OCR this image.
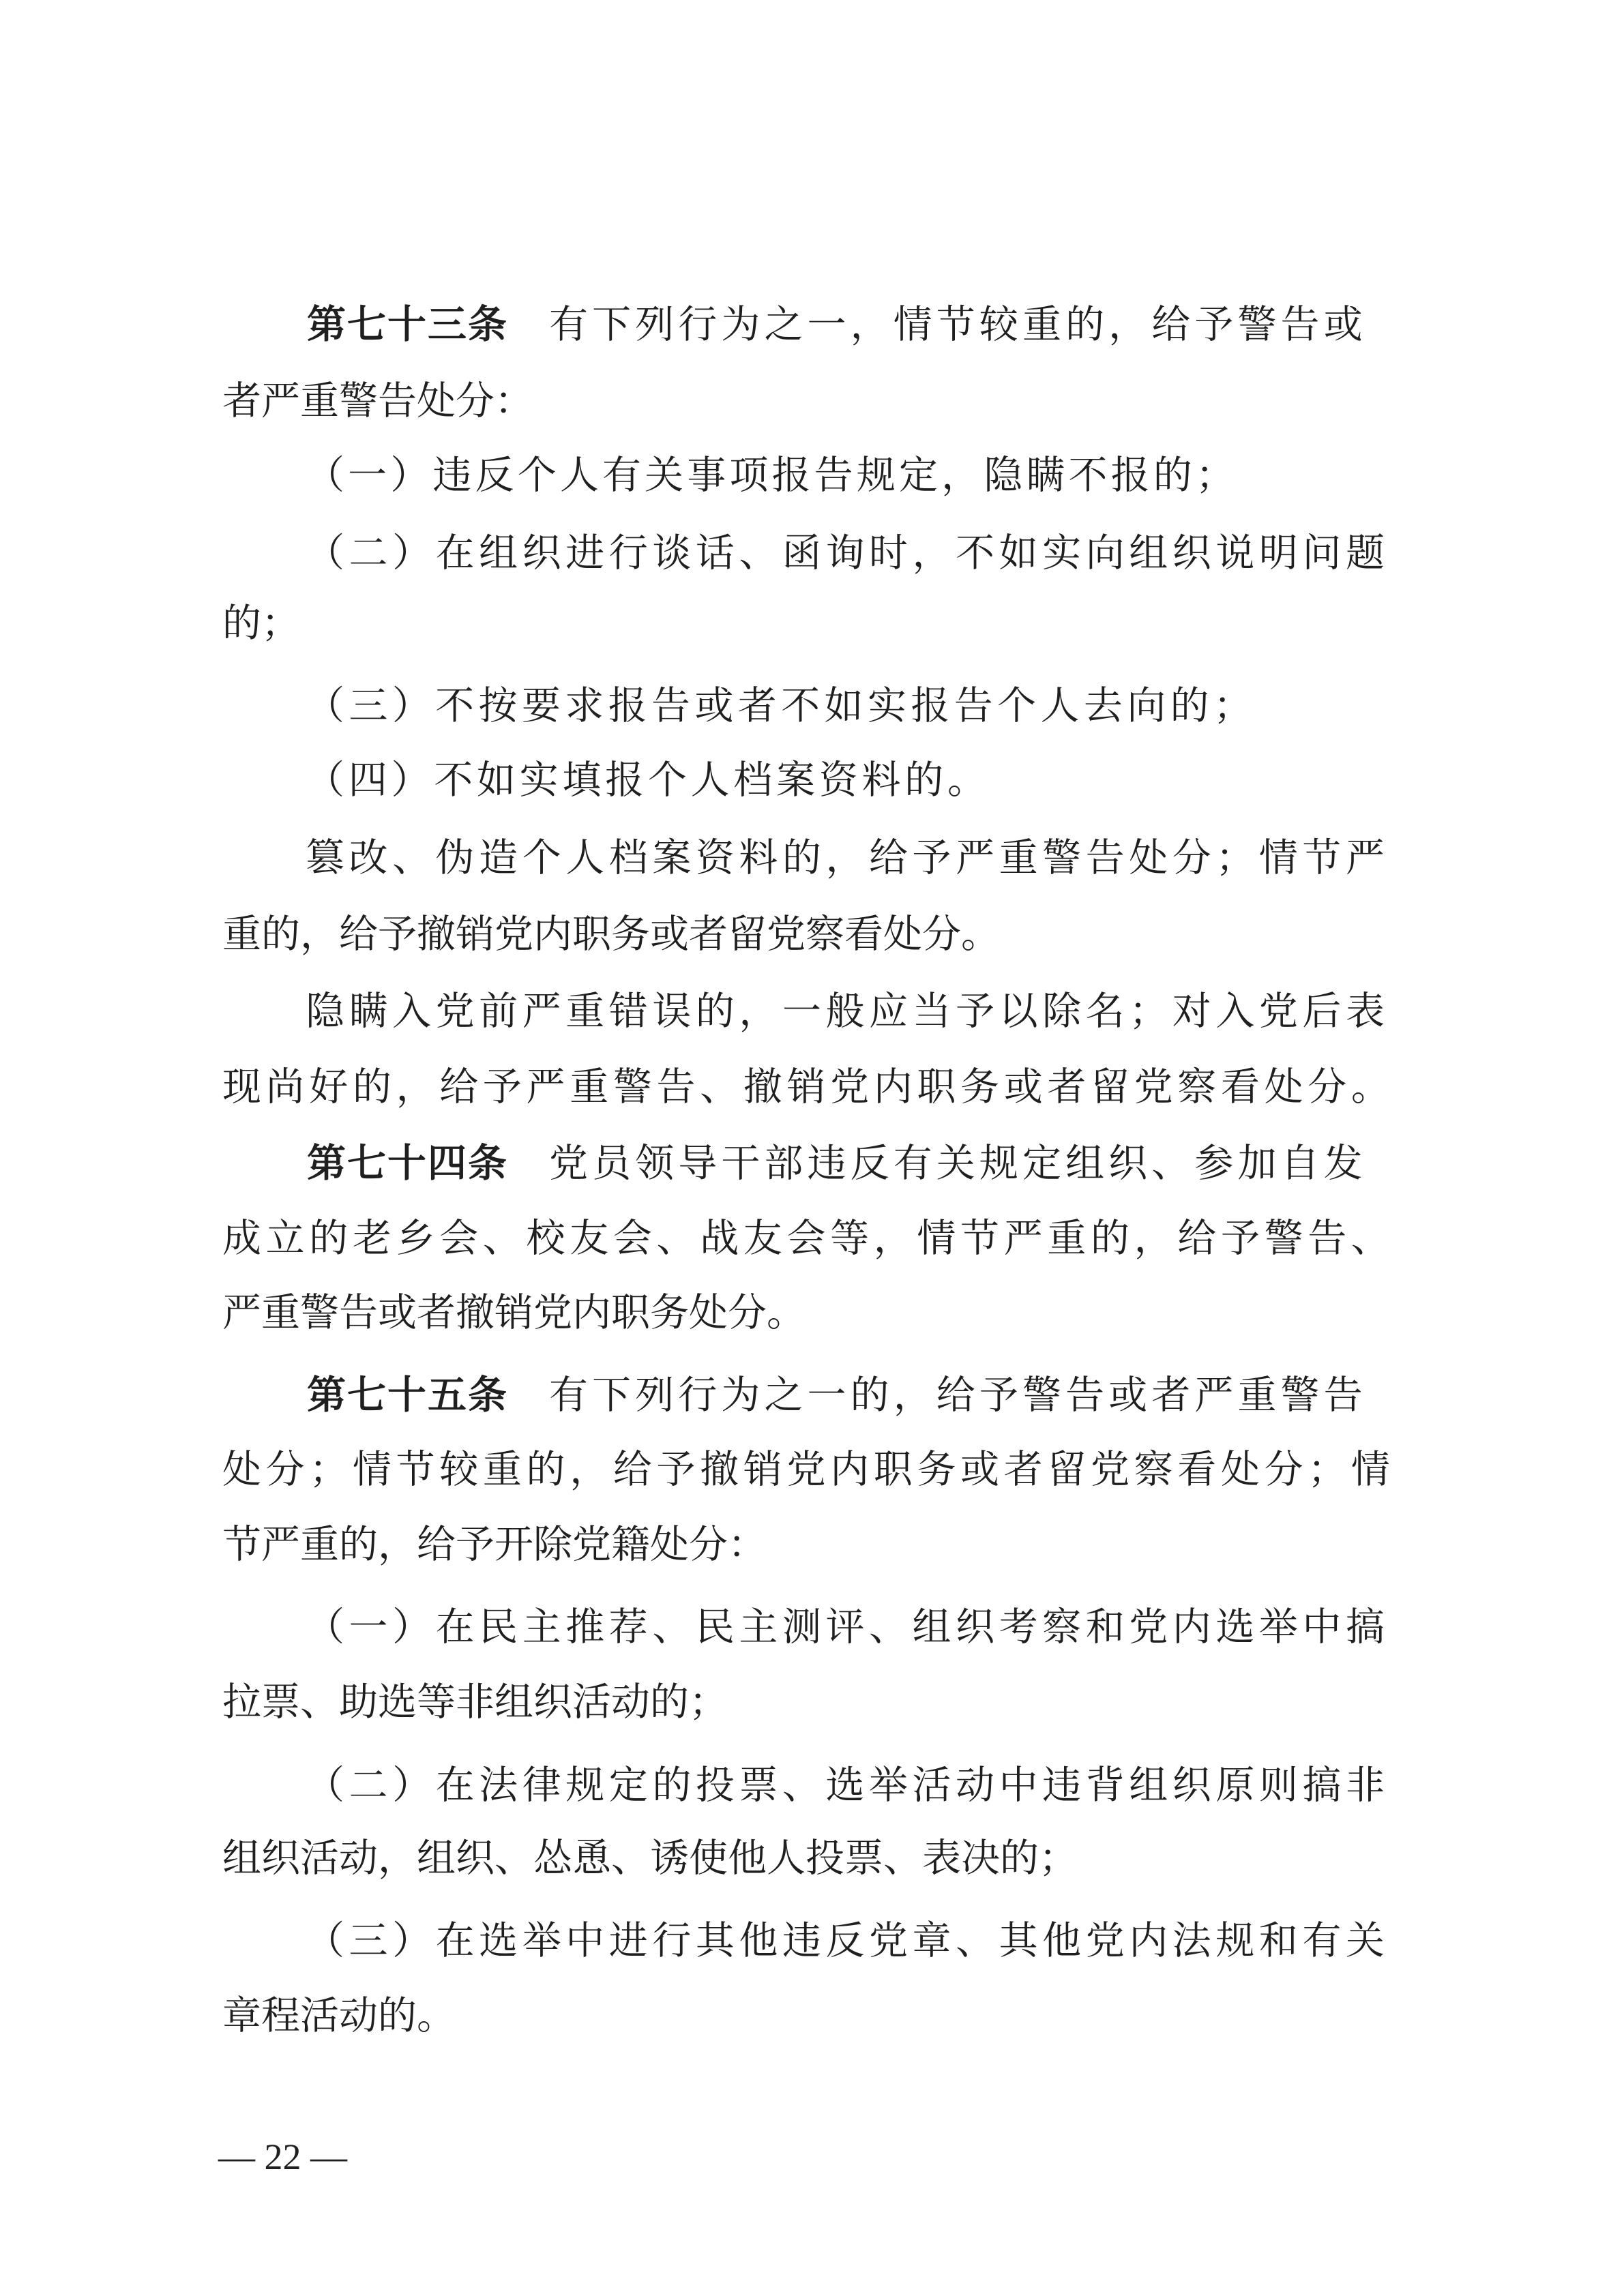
第七十三条 有下列行为之一，情节较重的，给予警告或
者严重警告处分：
（一）违反个人有关事项报告规定，隐瞒不报的；
（二）在组织进行谈话、函询时，不如实向组织说明问题
的；
（三）不按要求报告或者不如实报告个人去向的；
（四）不如实填报个人档案资料的。
篡改、伪造个人档案资料的，给予严重警告处分；情节严
重的，给予撤销党内职务或者留党察看处分。
隐瞒入党前严重错误的，一般应当予以除名；对入党后表
现尚好的，给予严重警告、撤销党内职务或者留党察看处分。
第七十四条 党员领导干部违反有关规定组织、参加自发
成立的老乡会、校友会、战友会等，情节严重的，给予警告、
严重警告或者撤销党内职务处分。
第七十五条 有下列行为之一的，给予警告或者严重警告
处分；情节较重的，给予撤销党内职务或者留党察看处分；情
节严重的，给予开除党籍处分：
（一）在民主推荐、民主测评、组织考察和党内选举中搞
拉票、助选等非组织活动的；
（二）在法律规定的投票、选举活动中违背组织原则搞非
组织活动，组织、怂恿、诱使他人投票、表决的；
（三）在选举中进行其他违反党章、其他党内法规和有关
章程活动的。
— 22 —
